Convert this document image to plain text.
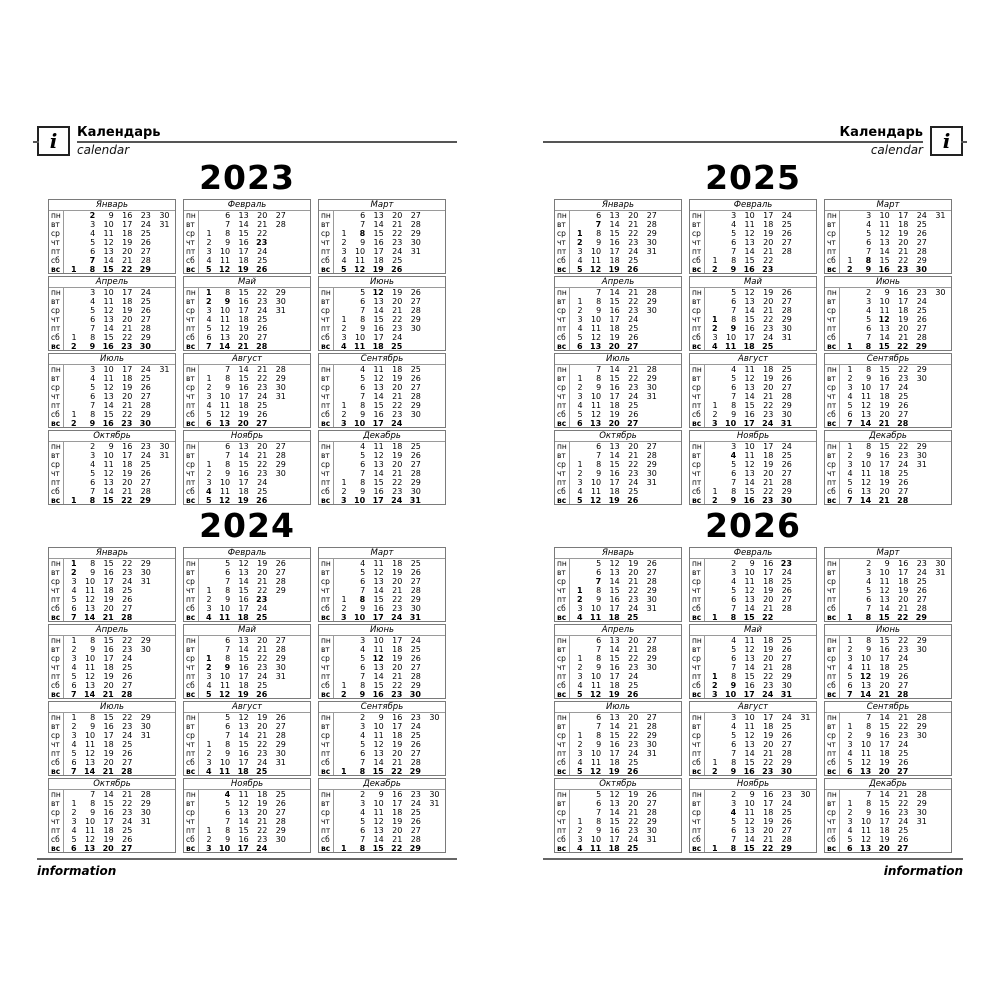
i Календарь
calendar
2023
Январь
пн		2	9	16	23	30
вт		3	10	17	24	31
ср		4	11	18	25	
чт		5	12	19	26	
пт		6	13	20	27	
сб		7	14	21	28	
вс	1	8	15	22	29	
Февраль
пн		6	13	20	27	
вт		7	14	21	28	
ср	1	8	15	22		
чт	2	9	16	23		
пт	3	10	17	24		
сб	4	11	18	25		
вс	5	12	19	26		
Март
пн		6	13	20	27	
вт		7	14	21	28	
ср	1	8	15	22	29	
чт	2	9	16	23	30	
пт	3	10	17	24	31	
сб	4	11	18	25		
вс	5	12	19	26		
Апрель
пн		3	10	17	24	
вт		4	11	18	25	
ср		5	12	19	26	
чт		6	13	20	27	
пт		7	14	21	28	
сб	1	8	15	22	29	
вс	2	9	16	23	30	
Май
пн	1	8	15	22	29	
вт	2	9	16	23	30	
ср	3	10	17	24	31	
чт	4	11	18	25		
пт	5	12	19	26		
сб	6	13	20	27		
вс	7	14	21	28		
Июнь
пн		5	12	19	26	
вт		6	13	20	27	
ср		7	14	21	28	
чт	1	8	15	22	29	
пт	2	9	16	23	30	
сб	3	10	17	24		
вс	4	11	18	25		
Июль
пн		3	10	17	24	31
вт		4	11	18	25	
ср		5	12	19	26	
чт		6	13	20	27	
пт		7	14	21	28	
сб	1	8	15	22	29	
вс	2	9	16	23	30	
Август
пн		7	14	21	28	
вт	1	8	15	22	29	
ср	2	9	16	23	30	
чт	3	10	17	24	31	
пт	4	11	18	25		
сб	5	12	19	26		
вс	6	13	20	27		
Сентябрь
пн		4	11	18	25	
вт		5	12	19	26	
ср		6	13	20	27	
чт		7	14	21	28	
пт	1	8	15	22	29	
сб	2	9	16	23	30	
вс	3	10	17	24		
Октябрь
пн		2	9	16	23	30
вт		3	10	17	24	31
ср		4	11	18	25	
чт		5	12	19	26	
пт		6	13	20	27	
сб		7	14	21	28	
вс	1	8	15	22	29	
Ноябрь
пн		6	13	20	27	
вт		7	14	21	28	
ср	1	8	15	22	29	
чт	2	9	16	23	30	
пт	3	10	17	24		
сб	4	11	18	25		
вс	5	12	19	26		
Декабрь
пн		4	11	18	25	
вт		5	12	19	26	
ср		6	13	20	27	
чт		7	14	21	28	
пт	1	8	15	22	29	
сб	2	9	16	23	30	
вс	3	10	17	24	31	
2024
Январь
пн	1	8	15	22	29	
вт	2	9	16	23	30	
ср	3	10	17	24	31	
чт	4	11	18	25		
пт	5	12	19	26		
сб	6	13	20	27		
вс	7	14	21	28		
Февраль
пн		5	12	19	26	
вт		6	13	20	27	
ср		7	14	21	28	
чт	1	8	15	22	29	
пт	2	9	16	23		
сб	3	10	17	24		
вс	4	11	18	25		
Март
пн		4	11	18	25	
вт		5	12	19	26	
ср		6	13	20	27	
чт		7	14	21	28	
пт	1	8	15	22	29	
сб	2	9	16	23	30	
вс	3	10	17	24	31	
Апрель
пн	1	8	15	22	29	
вт	2	9	16	23	30	
ср	3	10	17	24		
чт	4	11	18	25		
пт	5	12	19	26		
сб	6	13	20	27		
вс	7	14	21	28		
Май
пн		6	13	20	27	
вт		7	14	21	28	
ср	1	8	15	22	29	
чт	2	9	16	23	30	
пт	3	10	17	24	31	
сб	4	11	18	25		
вс	5	12	19	26		
Июнь
пн		3	10	17	24	
вт		4	11	18	25	
ср		5	12	19	26	
чт		6	13	20	27	
пт		7	14	21	28	
сб	1	8	15	22	29	
вс	2	9	16	23	30	
Июль
пн	1	8	15	22	29	
вт	2	9	16	23	30	
ср	3	10	17	24	31	
чт	4	11	18	25		
пт	5	12	19	26		
сб	6	13	20	27		
вс	7	14	21	28		
Август
пн		5	12	19	26	
вт		6	13	20	27	
ср		7	14	21	28	
чт	1	8	15	22	29	
пт	2	9	16	23	30	
сб	3	10	17	24	31	
вс	4	11	18	25		
Сентябрь
пн		2	9	16	23	30
вт		3	10	17	24	
ср		4	11	18	25	
чт		5	12	19	26	
пт		6	13	20	27	
сб		7	14	21	28	
вс	1	8	15	22	29	
Октябрь
пн		7	14	21	28	
вт	1	8	15	22	29	
ср	2	9	16	23	30	
чт	3	10	17	24	31	
пт	4	11	18	25		
сб	5	12	19	26		
вс	6	13	20	27		
Ноябрь
пн		4	11	18	25	
вт		5	12	19	26	
ср		6	13	20	27	
чт		7	14	21	28	
пт	1	8	15	22	29	
сб	2	9	16	23	30	
вс	3	10	17	24		
Декабрь
пн		2	9	16	23	30
вт		3	10	17	24	31
ср		4	11	18	25	
чт		5	12	19	26	
пт		6	13	20	27	
сб		7	14	21	28	
вс	1	8	15	22	29	
information
i
Календарь
calendar
2025
Январь
пн		6	13	20	27	
вт		7	14	21	28	
ср	1	8	15	22	29	
чт	2	9	16	23	30	
пт	3	10	17	24	31	
сб	4	11	18	25		
вс	5	12	19	26		
Февраль
пн		3	10	17	24	
вт		4	11	18	25	
ср		5	12	19	26	
чт		6	13	20	27	
пт		7	14	21	28	
сб	1	8	15	22		
вс	2	9	16	23		
Март
пн		3	10	17	24	31
вт		4	11	18	25	
ср		5	12	19	26	
чт		6	13	20	27	
пт		7	14	21	28	
сб	1	8	15	22	29	
вс	2	9	16	23	30	
Апрель
пн		7	14	21	28	
вт	1	8	15	22	29	
ср	2	9	16	23	30	
чт	3	10	17	24		
пт	4	11	18	25		
сб	5	12	19	26		
вс	6	13	20	27		
Май
пн		5	12	19	26	
вт		6	13	20	27	
ср		7	14	21	28	
чт	1	8	15	22	29	
пт	2	9	16	23	30	
сб	3	10	17	24	31	
вс	4	11	18	25		
Июнь
пн		2	9	16	23	30
вт		3	10	17	24	
ср		4	11	18	25	
чт		5	12	19	26	
пт		6	13	20	27	
сб		7	14	21	28	
вс	1	8	15	22	29	
Июль
пн		7	14	21	28	
вт	1	8	15	22	29	
ср	2	9	16	23	30	
чт	3	10	17	24	31	
пт	4	11	18	25		
сб	5	12	19	26		
вс	6	13	20	27		
Август
пн		4	11	18	25	
вт		5	12	19	26	
ср		6	13	20	27	
чт		7	14	21	28	
пт	1	8	15	22	29	
сб	2	9	16	23	30	
вс	3	10	17	24	31	
Сентябрь
пн	1	8	15	22	29	
вт	2	9	16	23	30	
ср	3	10	17	24		
чт	4	11	18	25		
пт	5	12	19	26		
сб	6	13	20	27		
вс	7	14	21	28		
Октябрь
пн		6	13	20	27	
вт		7	14	21	28	
ср	1	8	15	22	29	
чт	2	9	16	23	30	
пт	3	10	17	24	31	
сб	4	11	18	25		
вс	5	12	19	26		
Ноябрь
пн		3	10	17	24	
вт		4	11	18	25	
ср		5	12	19	26	
чт		6	13	20	27	
пт		7	14	21	28	
сб	1	8	15	22	29	
вс	2	9	16	23	30	
Декабрь
пн	1	8	15	22	29	
вт	2	9	16	23	30	
ср	3	10	17	24	31	
чт	4	11	18	25		
пт	5	12	19	26		
сб	6	13	20	27		
вс	7	14	21	28		
2026
Январь
пн		5	12	19	26	
вт		6	13	20	27	
ср		7	14	21	28	
чт	1	8	15	22	29	
пт	2	9	16	23	30	
сб	3	10	17	24	31	
вс	4	11	18	25		
Февраль
пн		2	9	16	23	
вт		3	10	17	24	
ср		4	11	18	25	
чт		5	12	19	26	
пт		6	13	20	27	
сб		7	14	21	28	
вс	1	8	15	22		
Март
пн		2	9	16	23	30
вт		3	10	17	24	31
ср		4	11	18	25	
чт		5	12	19	26	
пт		6	13	20	27	
сб		7	14	21	28	
вс	1	8	15	22	29	
Апрель
пн		6	13	20	27	
вт		7	14	21	28	
ср	1	8	15	22	29	
чт	2	9	16	23	30	
пт	3	10	17	24		
сб	4	11	18	25		
вс	5	12	19	26		
Май
пн		4	11	18	25	
вт		5	12	19	26	
ср		6	13	20	27	
чт		7	14	21	28	
пт	1	8	15	22	29	
сб	2	9	16	23	30	
вс	3	10	17	24	31	
Июнь
пн	1	8	15	22	29	
вт	2	9	16	23	30	
ср	3	10	17	24		
чт	4	11	18	25		
пт	5	12	19	26		
сб	6	13	20	27		
вс	7	14	21	28		
Июль
пн		6	13	20	27	
вт		7	14	21	28	
ср	1	8	15	22	29	
чт	2	9	16	23	30	
пт	3	10	17	24	31	
сб	4	11	18	25		
вс	5	12	19	26		
Август
пн		3	10	17	24	31
вт		4	11	18	25	
ср		5	12	19	26	
чт		6	13	20	27	
пт		7	14	21	28	
сб	1	8	15	22	29	
вс	2	9	16	23	30	
Сентябрь
пн		7	14	21	28	
вт	1	8	15	22	29	
ср	2	9	16	23	30	
чт	3	10	17	24		
пт	4	11	18	25		
сб	5	12	19	26		
вс	6	13	20	27		
Октябрь
пн		5	12	19	26	
вт		6	13	20	27	
ср		7	14	21	28	
чт	1	8	15	22	29	
пт	2	9	16	23	30	
сб	3	10	17	24	31	
вс	4	11	18	25		
Ноябрь
пн		2	9	16	23	30
вт		3	10	17	24	
ср		4	11	18	25	
чт		5	12	19	26	
пт		6	13	20	27	
сб		7	14	21	28	
вс	1	8	15	22	29	
Декабрь
пн		7	14	21	28	
вт	1	8	15	22	29	
ср	2	9	16	23	30	
чт	3	10	17	24	31	
пт	4	11	18	25		
сб	5	12	19	26		
вс	6	13	20	27		
information
